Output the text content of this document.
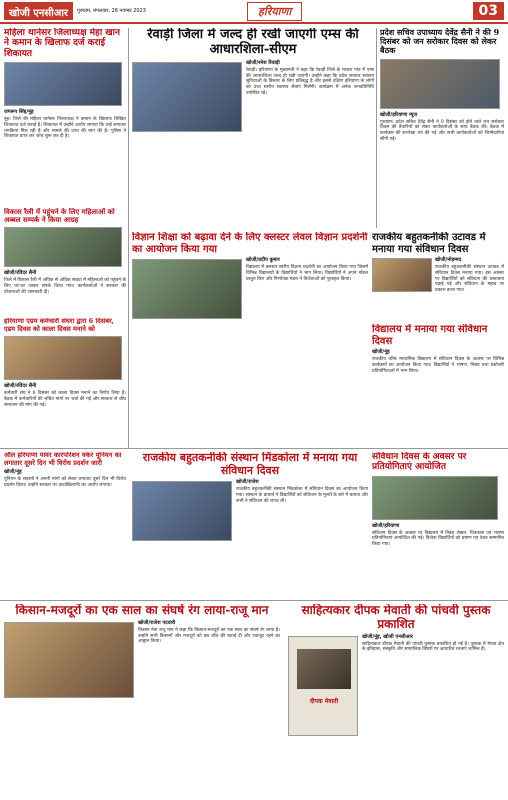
खोजी एनसीआर	गुरुग्राम, मंगलवार, 28 नवम्बर 2023	हरियाणा	03
महिला थानेसर जिलाध्यक्ष मेहा खान ने कमान के खिलाफ दर्ज कराई शिकायत
जगरूप सिंह/नूंह
नूंह। जिले की महिला थानेसर जिलाध्यक्ष ने कमान के खिलाफ लिखित शिकायत दर्ज कराई है। शिकायत में उन्होंने आरोप लगाया कि उन्हें लगातार धमकियां मिल रही हैं और मामले की जांच की मांग की है। पुलिस ने शिकायत प्राप्त कर जांच शुरू कर दी है।
विकास रैली में पहुंचने के लिए महिलाओं को अब्बल सम्पर्क ने किया आग्रह
खोजी/रविंदर सैनी
जिले में विकास रैली में अधिक से अधिक संख्या में महिलाओं को पहुंचने के लिए घर-घर जाकर संपर्क किया गया। कार्यकर्ताओं ने सरकार की योजनाओं की जानकारी दी।
हरियाणा एग्रम कर्मचारी संघरा द्वारा 6 दिसंबर, एडम दिवस को काला दिवस मनाने को
खोजी/रविंदर सैनी
कर्मचारी संघ ने 6 दिसंबर को काला दिवस मनाने का निर्णय लिया है। बैठक में कर्मचारियों की लंबित मांगों पर चर्चा की गई और सरकार से शीघ्र समाधान की मांग की गई।
रेवाड़ी जिला में जल्द ही रखी जाएगी एम्स की आधारशिला-सीएम
खोजी/रमेश रिवाड़ी
रेवाड़ी। हरियाणा के मुख्यमंत्री ने कहा कि रेवाड़ी जिले के माजरा गांव में एम्स की आधारशिला जल्द ही रखी जाएगी। उन्होंने कहा कि प्रदेश सरकार स्वास्थ्य सुविधाओं के विस्तार के लिए प्रतिबद्ध है और इससे दक्षिण हरियाणा के लोगों को उच्च स्तरीय स्वास्थ्य सेवाएं मिलेंगी। कार्यक्रम में अनेक जनप्रतिनिधि उपस्थित रहे।
प्रदेश सचिव उपाध्याय देवेंद्र सैनी ने की 9 दिसंबर को जन सरोकार दिवस को लेकर बैठक
खोजी/हरियाणा न्यूज
गुरुग्राम। प्रदेश सचिव देवेंद्र सैनी ने 9 दिसंबर को होने वाले जन सरोकार दिवस की तैयारियों को लेकर कार्यकर्ताओं के साथ बैठक की। बैठक में कार्यक्रम की रूपरेखा तय की गई और सभी कार्यकर्ताओं को जिम्मेदारियां सौंपी गईं।
विज्ञान शिक्षा को बढ़ावा देने के लिए क्लस्टर लेवल विज्ञान प्रदर्शनी का आयोजन किया गया
खोजी/प्रदीप कुमार
विद्यालय में क्लस्टर स्तरीय विज्ञान प्रदर्शनी का आयोजन किया गया जिसमें विभिन्न विद्यालयों के विद्यार्थियों ने भाग लिया। विद्यार्थियों ने अपने मॉडल प्रस्तुत किए और निर्णायक मंडल ने विजेताओं को पुरस्कृत किया।
राजकीय बहुतकनीकी उटावड में मनाया गया संविधान दिवस
खोजी/मोहम्मद
राजकीय बहुतकनीकी संस्थान उटावड में संविधान दिवस मनाया गया। इस अवसर पर विद्यार्थियों को संविधान की प्रस्तावना पढ़ाई गई और संविधान के महत्व पर प्रकाश डाला गया।
विद्यालय में मनाया गया संविधान दिवस
खोजी/नूंह
राजकीय वरिष्ठ माध्यमिक विद्यालय में संविधान दिवस के अवसर पर विभिन्न कार्यक्रमों का आयोजन किया गया। विद्यार्थियों ने भाषण, निबंध तथा प्रश्नोत्तरी प्रतियोगिताओं में भाग लिया।
राजकीय बहुतकनीकी संस्थान मिंडकोला में मनाया गया संविधान दिवस
खोजी/राजेश
राजकीय बहुतकनीकी संस्थान मिंडकोला में संविधान दिवस का आयोजन किया गया। संस्थान के प्राचार्य ने विद्यार्थियों को संविधान के मूल्यों के बारे में बताया और सभी ने संविधान की शपथ ली।
संविधान दिवस के अवसर पर प्रतियोगिताएं आयोजित
खोजी/हरियाणा
संविधान दिवस के अवसर पर विद्यालय में निबंध लेखन, चित्रकला एवं भाषण प्रतियोगिताएं आयोजित की गईं। विजेता विद्यार्थियों को प्रमाण पत्र देकर सम्मानित किया गया।
ऑल हरियाणा पावर कारपोरेशन वर्कर यूनियन का लगातार दूसरे दिन भी विरोध प्रदर्शन जारी
खोजी/नूंह
यूनियन के सदस्यों ने अपनी मांगों को लेकर लगातार दूसरे दिन भी विरोध प्रदर्शन किया। उन्होंने सरकार पर वादाखिलाफी का आरोप लगाया।
किसान-मजदूरों का एक साल का संघर्ष रंग लाया-राजू मान
खोजी/राजेश पटवारी
किसान नेता राजू मान ने कहा कि किसान-मजदूरों का एक साल का संघर्ष रंग लाया है। उन्होंने सभी किसानों और मजदूरों को इस जीत की बधाई दी और एकजुट रहने का आह्वान किया।
साहित्यकार दीपक मेवाती की पांचवी पुस्तक प्रकाशित
दीपक मेवाती
खोजी/नूंह, खोजी एनसीआर
साहित्यकार दीपक मेवाती की पांचवी पुस्तक प्रकाशित हो गई है। पुस्तक में मेवात क्षेत्र के इतिहास, संस्कृति और सामाजिक विषयों पर आधारित रचनाएं शामिल हैं।
